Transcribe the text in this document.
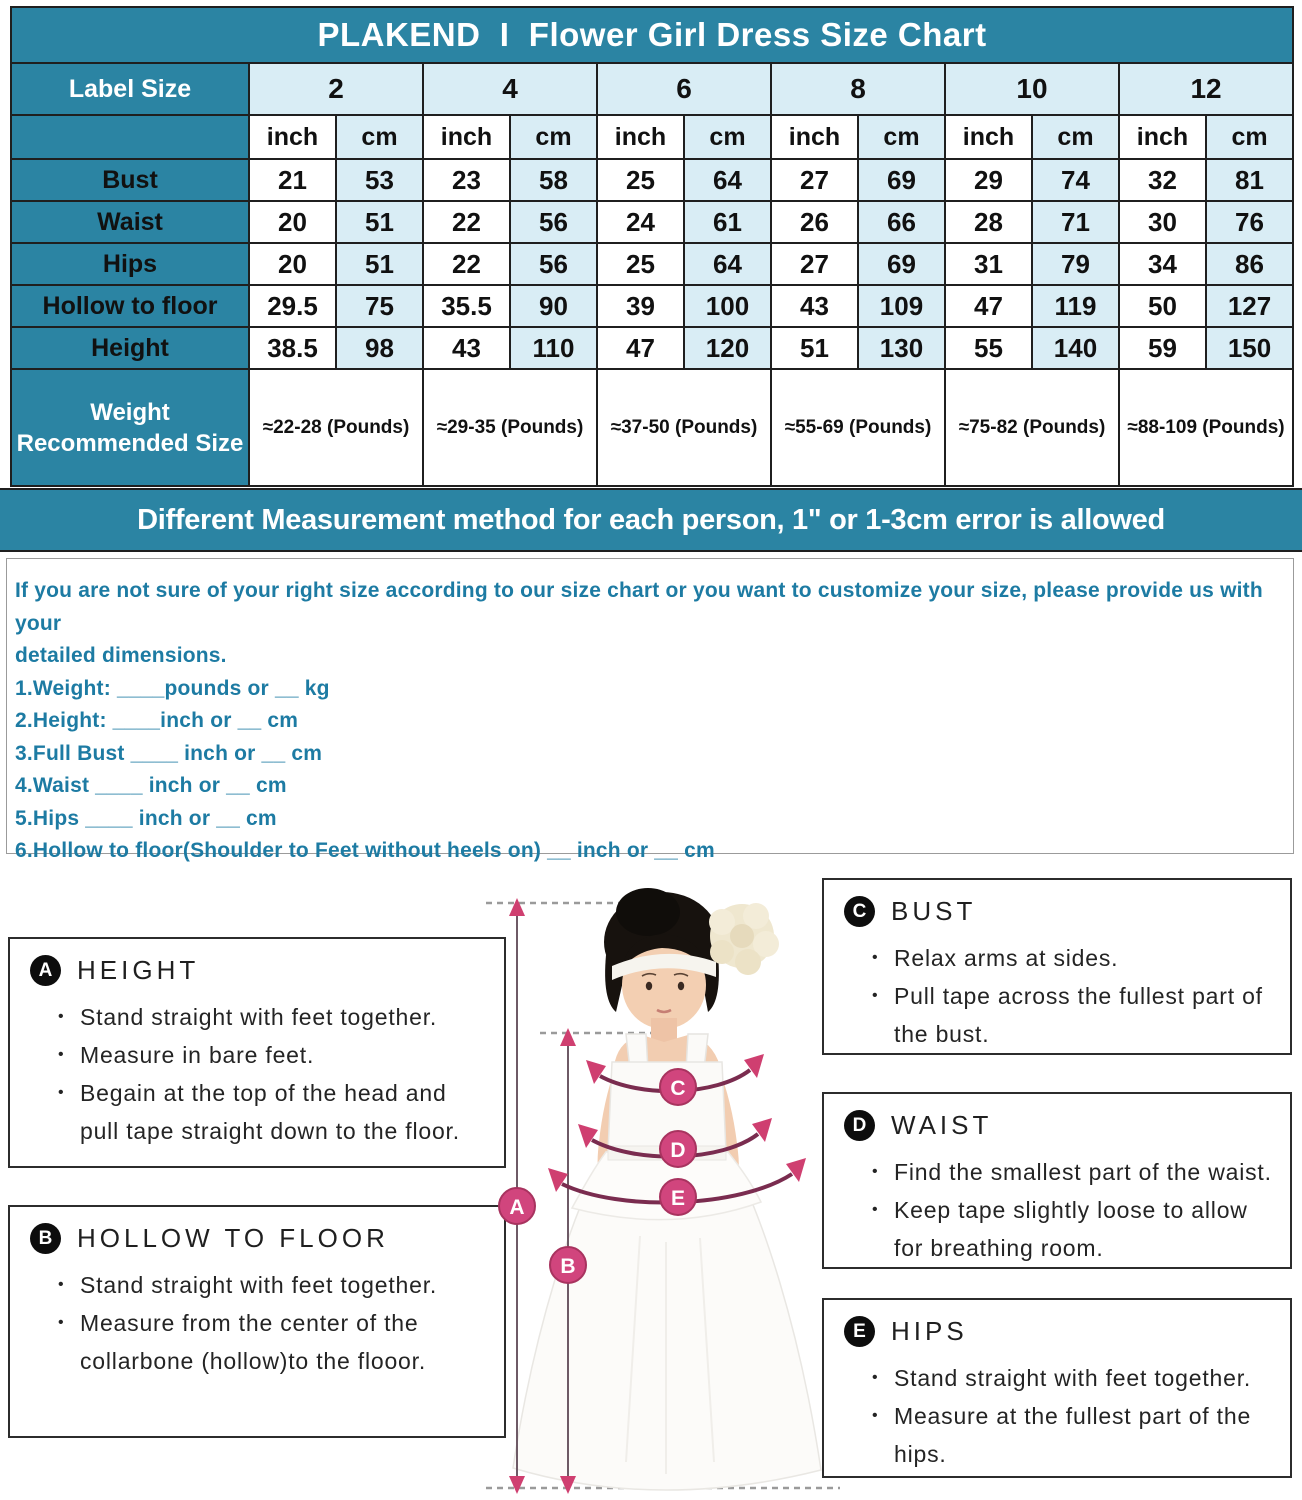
PLAKEND  I  Flower Girl Dress Size Chart												
Label Size	2		4		6		8		10		12	
	inch	cm	inch	cm	inch	cm	inch	cm	inch	cm	inch	cm
Bust	21	53	23	58	25	64	27	69	29	74	32	81
Waist	20	51	22	56	24	61	26	66	28	71	30	76
Hips	20	51	22	56	25	64	27	69	31	79	34	86
Hollow to floor	29.5	75	35.5	90	39	100	43	109	47	119	50	127
Height	38.5	98	43	110	47	120	51	130	55	140	59	150

Weight
Recommended Size	≈22-28 (Pounds)		≈29-35 (Pounds)		≈37-50 (Pounds)		≈55-69 (Pounds)		≈75-82 (Pounds)		≈88-109 (Pounds)	
Different Measurement method for each person, 1" or 1-3cm error is allowed

If you are not sure of your right size according to our size chart or you want to customize your size, please provide us with your

detailed dimensions.

1.Weight: ____pounds or __ kg

2.Height: ____inch or __ cm

3.Full Bust ____ inch or __ cm

4.Waist ____ inch or __ cm

5.Hips ____ inch or __ cm

6.Hollow to floor(Shoulder to Feet without heels on) __ inch or __ cm

A HEIGHT
• Stand straight with feet together.
• Measure in bare feet.
• Begain at the top of the head and pull tape straight down to the floor.
B HOLLOW TO FLOOR
• Stand straight with feet together.
• Measure from the center of the collarbone (hollow)to the flooor.
C BUST
• Relax arms at sides.
• Pull tape across the fullest part of the bust.
D WAIST
• Find the smallest part of the waist.
• Keep tape slightly loose to allow for breathing room.
E HIPS
• Stand straight with feet together.
• Measure at the fullest part of the hips.
A
B
C
D
E
